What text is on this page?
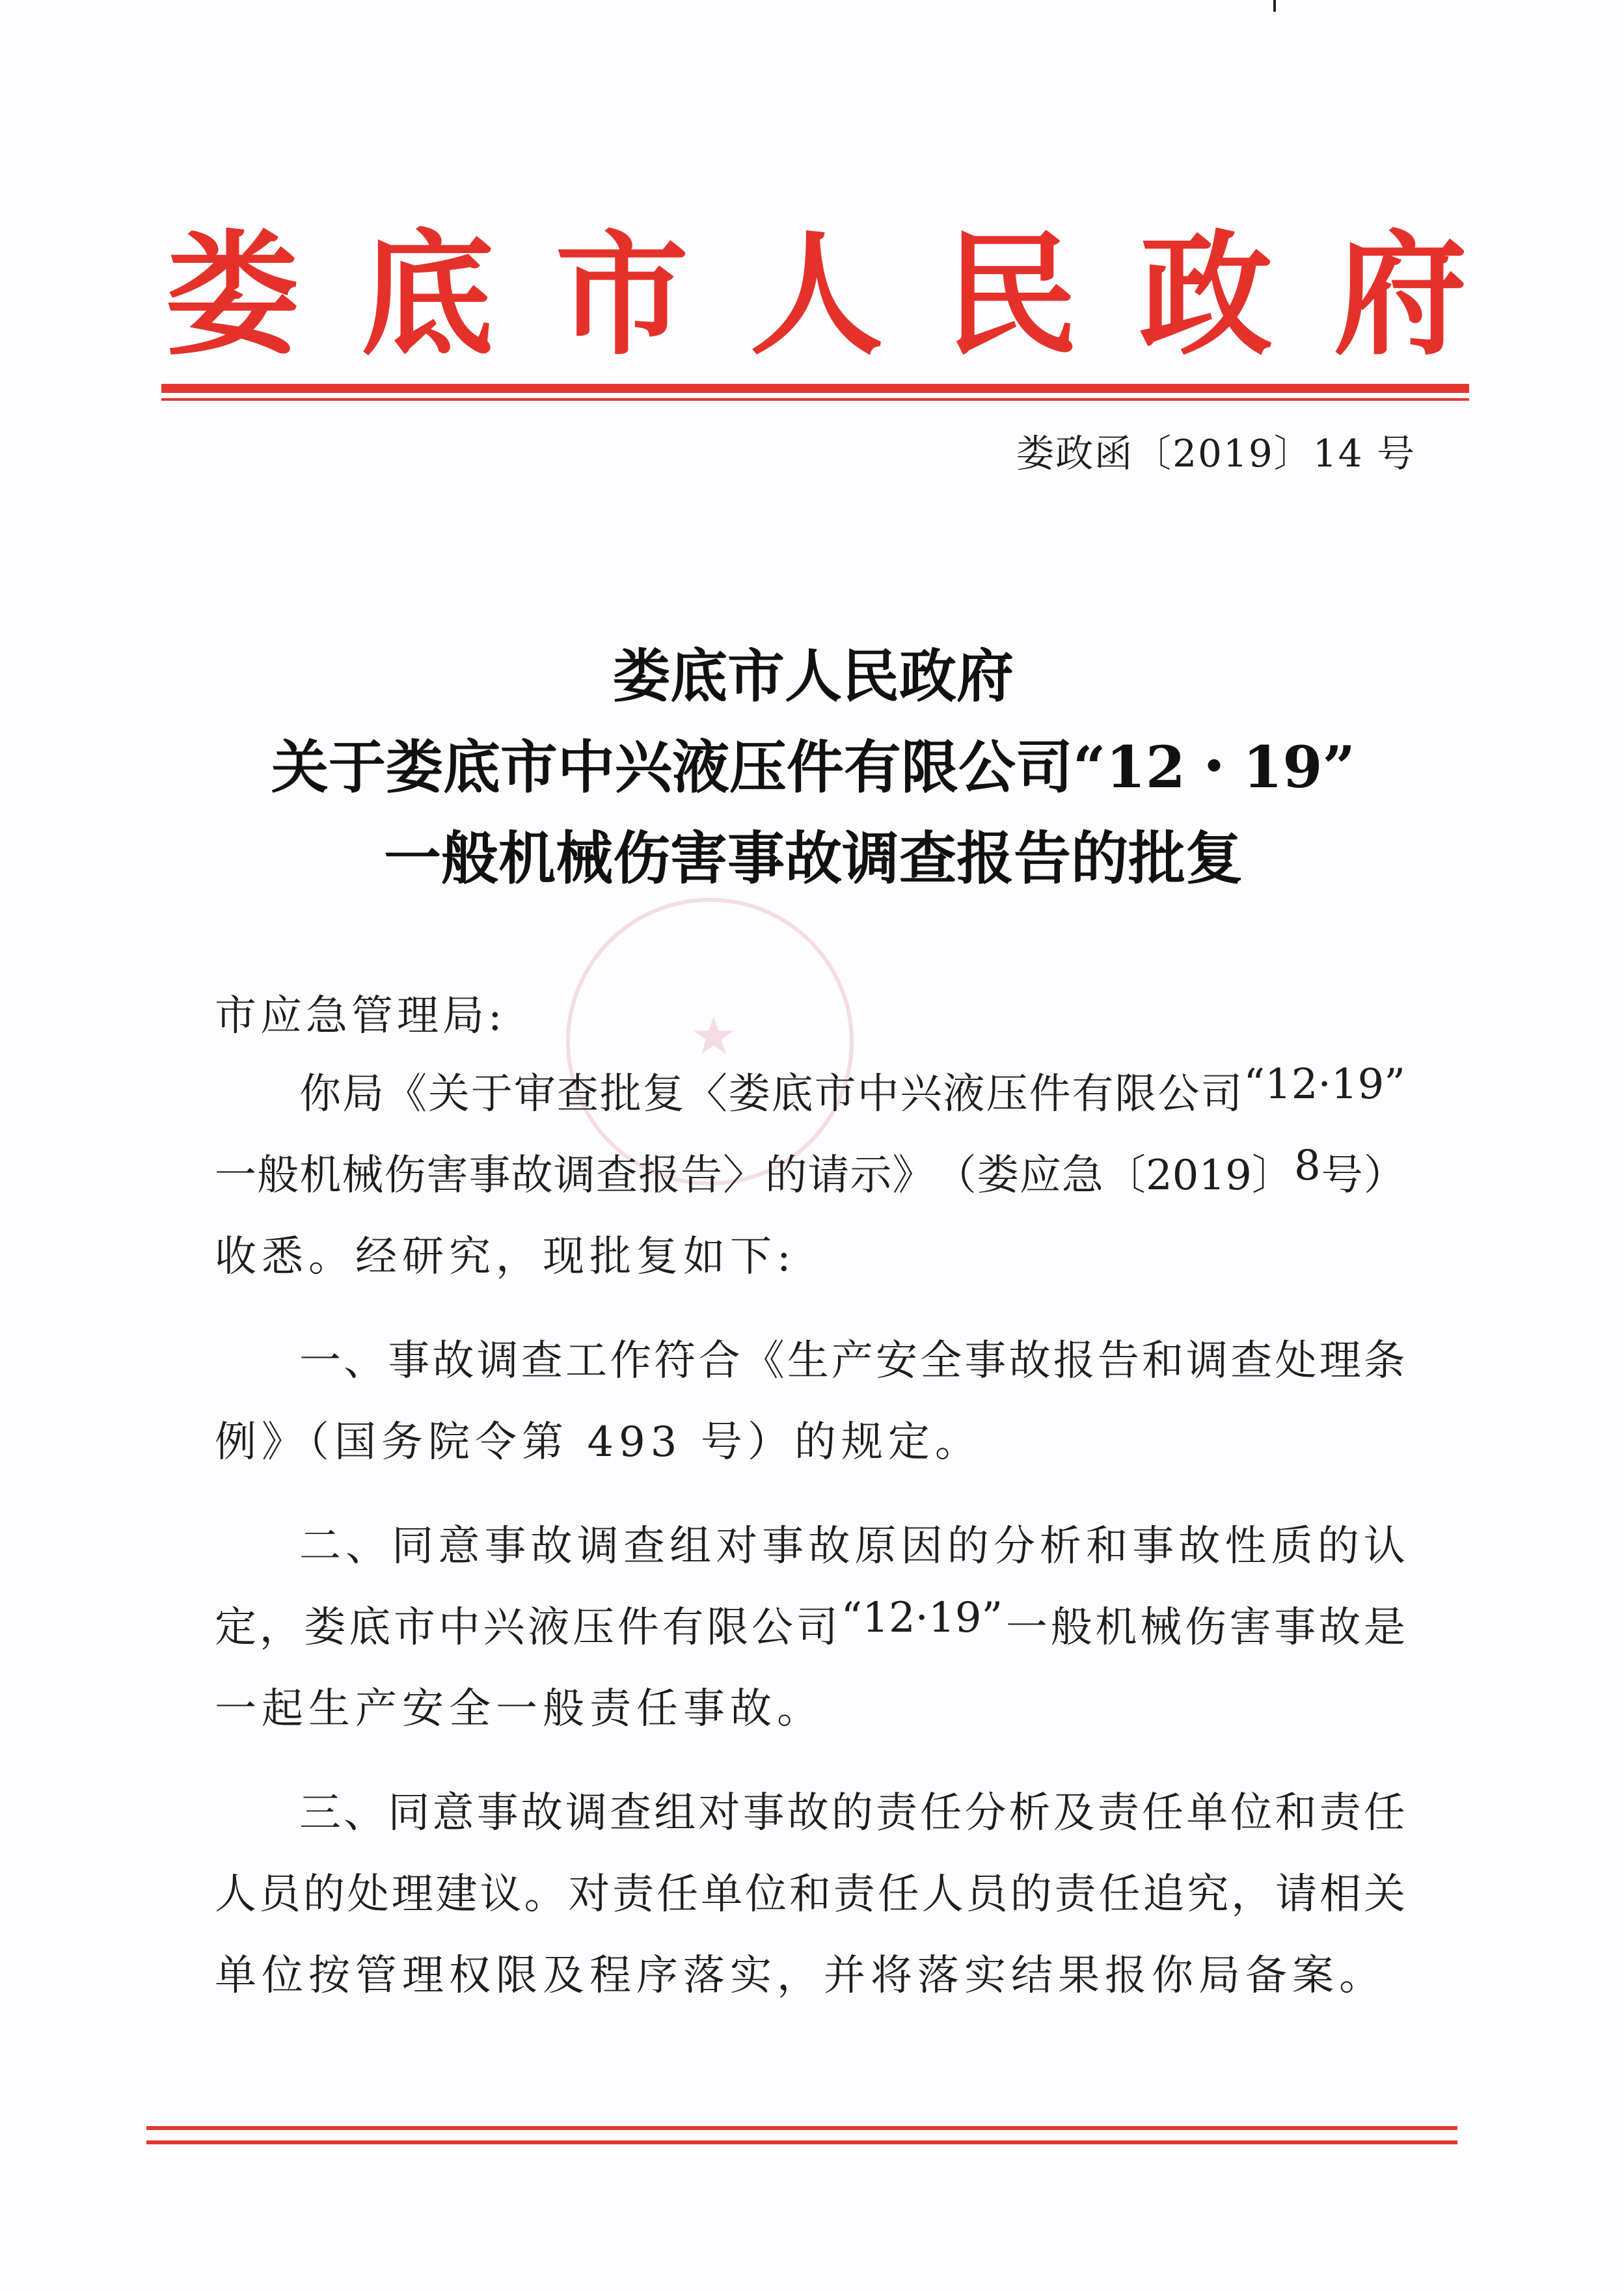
★
娄 底 市 人 民 政 府
娄政函〔2019〕14 号
娄底市人民政府
关于娄底市中兴液压件有限公司“12・19”
一般机械伤害事故调查报告的批复
市应急管理局:
你 局 《 关 于 审 查 批 复 〈 娄 底 市 中 兴 液 压 件 有 限 公 司 “12·19”
一 般 机 械 伤 害 事 故 调 查 报 告 〉 的 请 示 》 （ 娄 应 急 〔2019〕 8 号 ）
收悉。经研究，现批复如下:
一 、 事 故 调 查 工 作 符 合 《 生 产 安 全 事 故 报 告 和 调 查 处 理 条
例》（国务院令第 493 号）的规定。
二 、 同 意 事 故 调 查 组 对 事 故 原 因 的 分 析 和 事 故 性 质 的 认
定 ， 娄 底 市 中 兴 液 压 件 有 限 公 司 “12·19” 一 般 机 械 伤 害 事 故 是
一起生产安全一般责任事故。
三 、 同 意 事 故 调 查 组 对 事 故 的 责 任 分 析 及 责 任 单 位 和 责 任
人 员 的 处 理 建 议 。 对 责 任 单 位 和 责 任 人 员 的 责 任 追 究 ， 请 相 关
单位按管理权限及程序落实，并将落实结果报你局备案。
